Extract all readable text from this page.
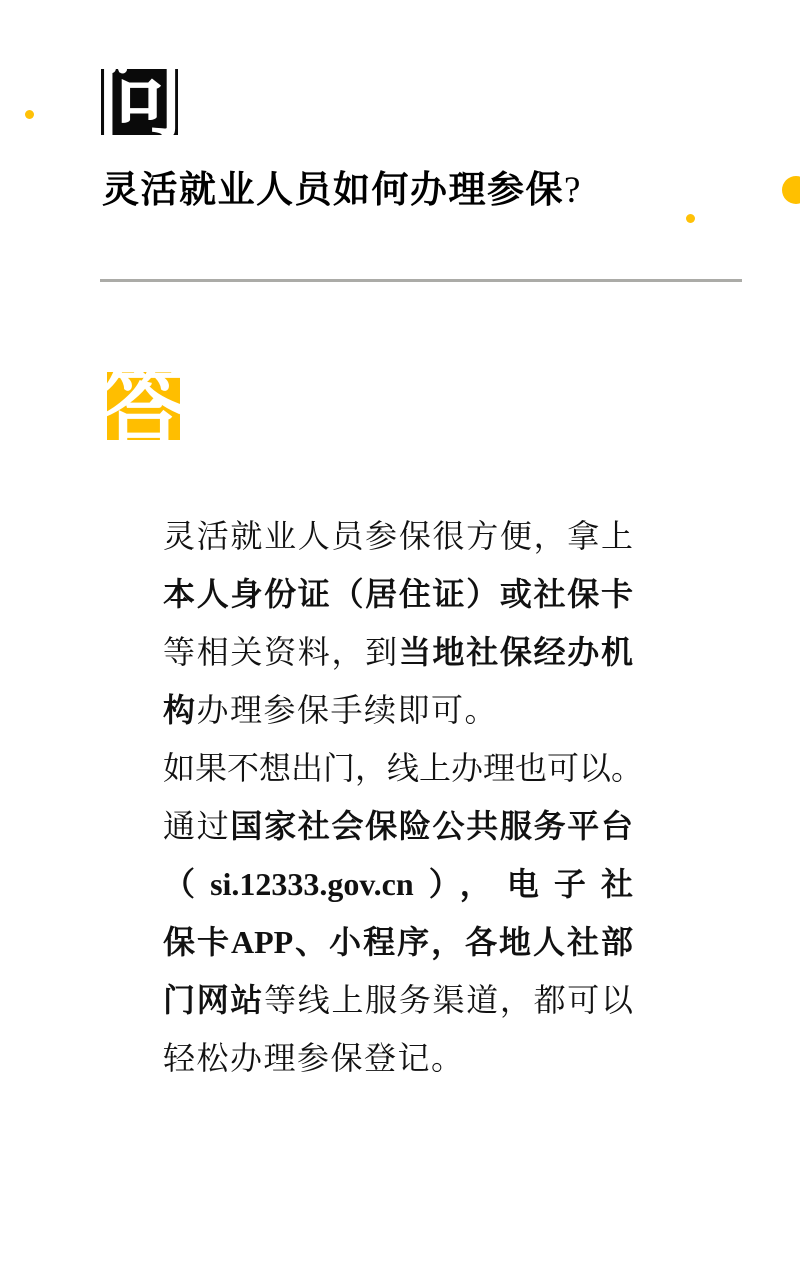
问
灵活就业人员如何办理参保?
答
灵活就业人员参保很方便，拿上
本人身份证（居住证）或社保卡
等相关资料，到当地社保经办机
构办理参保手续即可。
如果不想出门，线上办理也可以。
通过国家社会保险公共服务平台
（si.12333.gov.cn），电子社
保卡APP、小程序，各地人社部
门网站等线上服务渠道，都可以
轻松办理参保登记。
